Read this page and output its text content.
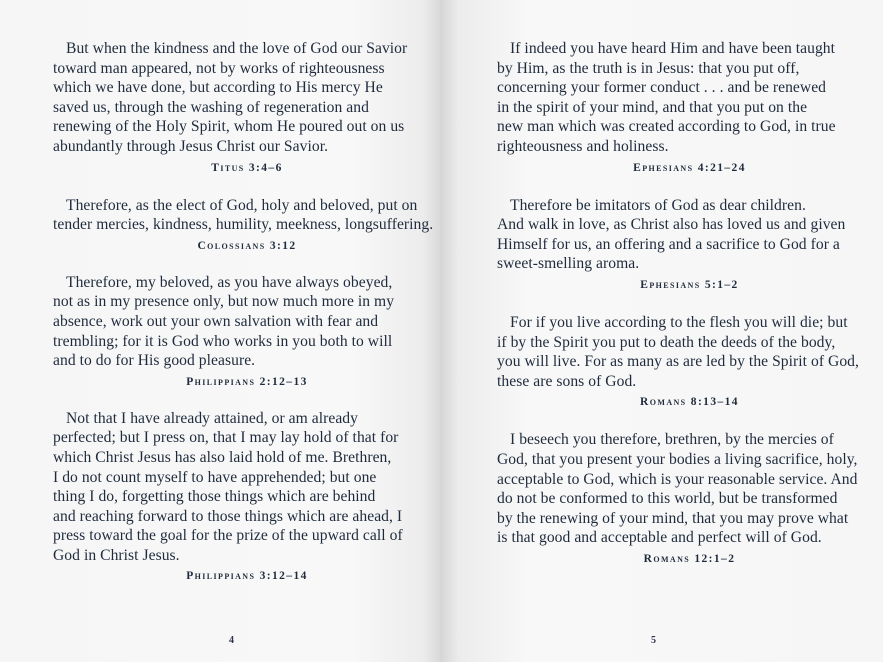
But when the kindness and the love of God our Savior
toward man appeared, not by works of righteousness
which we have done, but according to His mercy He
saved us, through the washing of regeneration and
renewing of the Holy Spirit, whom He poured out on us
abundantly through Jesus Christ our Savior.

Titus 3:4–6

Therefore, as the elect of God, holy and beloved, put on
tender mercies, kindness, humility, meekness, longsuffering.

Colossians 3:12

Therefore, my beloved, as you have always obeyed,
not as in my presence only, but now much more in my
absence, work out your own salvation with fear and
trembling; for it is God who works in you both to will
and to do for His good pleasure.

Philippians 2:12–13

Not that I have already attained, or am already
perfected; but I press on, that I may lay hold of that for
which Christ Jesus has also laid hold of me. Brethren,
I do not count myself to have apprehended; but one
thing I do, forgetting those things which are behind
and reaching forward to those things which are ahead, I
press toward the goal for the prize of the upward call of
God in Christ Jesus.

Philippians 3:12–14
4

If indeed you have heard Him and have been taught
by Him, as the truth is in Jesus: that you put off,
concerning your former conduct . . . and be renewed
in the spirit of your mind, and that you put on the
new man which was created according to God, in true
righteousness and holiness.

Ephesians 4:21–24

Therefore be imitators of God as dear children.
And walk in love, as Christ also has loved us and given
Himself for us, an offering and a sacrifice to God for a
sweet-smelling aroma.

Ephesians 5:1–2

For if you live according to the flesh you will die; but
if by the Spirit you put to death the deeds of the body,
you will live. For as many as are led by the Spirit of God,
these are sons of God.

Romans 8:13–14

I beseech you therefore, brethren, by the mercies of
God, that you present your bodies a living sacrifice, holy,
acceptable to God, which is your reasonable service. And
do not be conformed to this world, but be transformed
by the renewing of your mind, that you may prove what
is that good and acceptable and perfect will of God.

Romans 12:1–2
5
